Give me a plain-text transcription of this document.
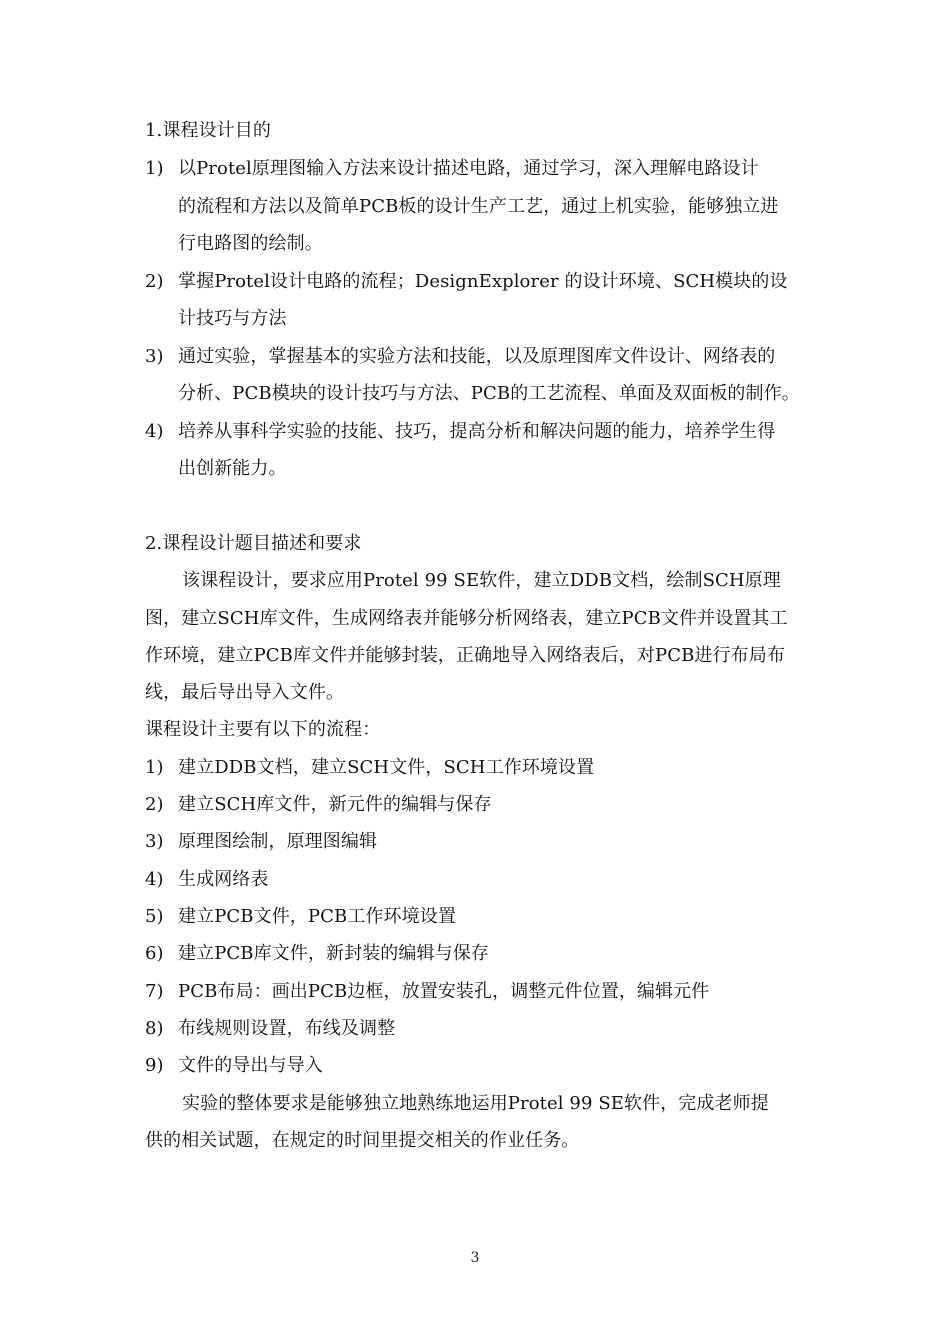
1.课程设计目的
1) 以Protel原理图输入方法来设计描述电路，通过学习，深入理解电路设计
的流程和方法以及简单PCB板的设计生产工艺，通过上机实验，能够独立进
行电路图的绘制。
2) 掌握Protel设计电路的流程；DesignExplorer 的设计环境、SCH模块的设
计技巧与方法
3) 通过实验，掌握基本的实验方法和技能，以及原理图库文件设计、网络表的
分析、PCB模块的设计技巧与方法、PCB的工艺流程、单面及双面板的制作。
4) 培养从事科学实验的技能、技巧，提高分析和解决问题的能力，培养学生得
出创新能力。
2.课程设计题目描述和要求
该课程设计，要求应用Protel 99 SE软件，建立DDB文档，绘制SCH原理
图，建立SCH库文件，生成网络表并能够分析网络表，建立PCB文件并设置其工
作环境，建立PCB库文件并能够封装，正确地导入网络表后，对PCB进行布局布
线，最后导出导入文件。
课程设计主要有以下的流程：
1) 建立DDB文档，建立SCH文件，SCH工作环境设置
2) 建立SCH库文件，新元件的编辑与保存
3) 原理图绘制，原理图编辑
4) 生成网络表
5) 建立PCB文件，PCB工作环境设置
6) 建立PCB库文件，新封装的编辑与保存
7) PCB布局：画出PCB边框，放置安装孔，调整元件位置，编辑元件
8) 布线规则设置，布线及调整
9) 文件的导出与导入
实验的整体要求是能够独立地熟练地运用Protel 99 SE软件，完成老师提
供的相关试题，在规定的时间里提交相关的作业任务。
3
